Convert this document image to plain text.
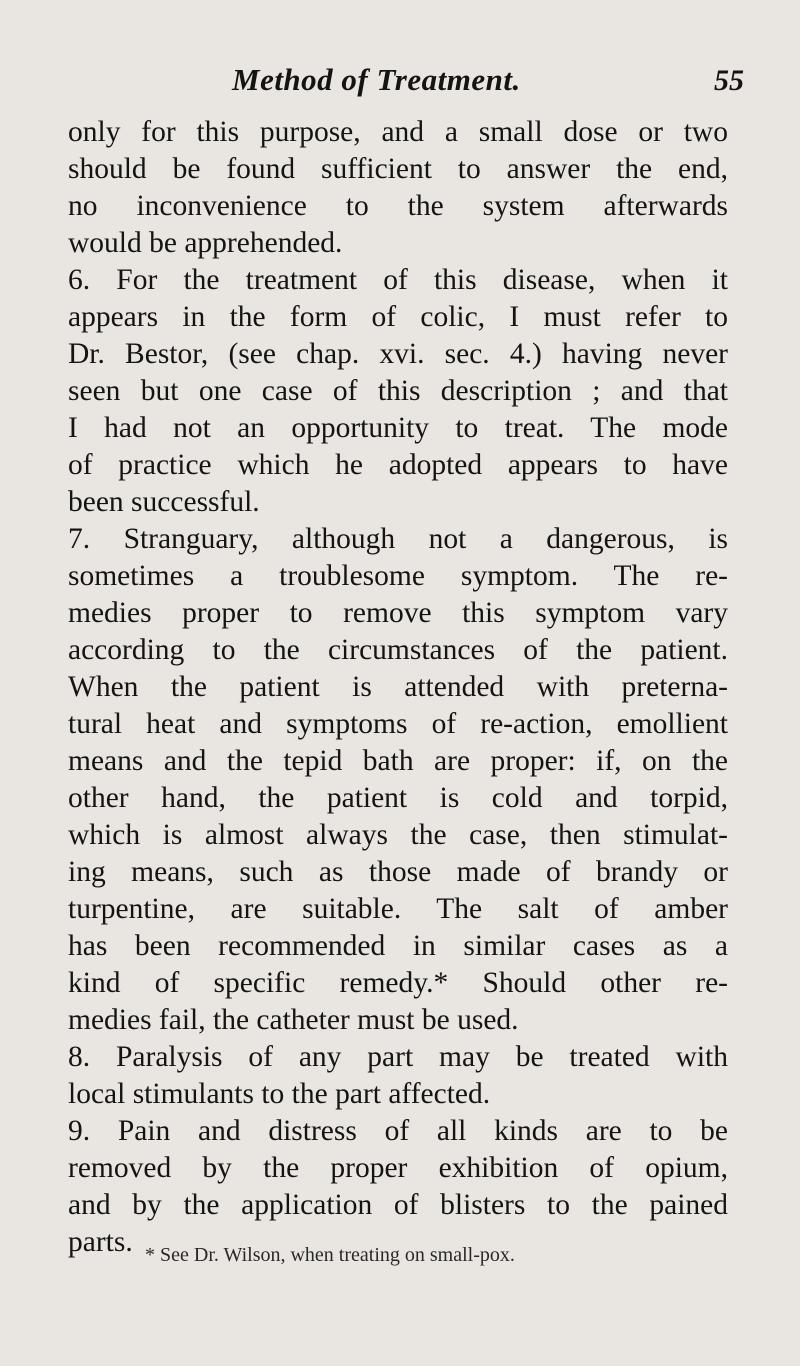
Method of Treatment.	55
only for this purpose, and a small dose or two
should be found sufficient to answer the end,
no inconvenience to the system afterwards
would be apprehended.
6. For the treatment of this disease, when it
appears in the form of colic, I must refer to
Dr. Bestor, (see chap. xvi. sec. 4.) having never
seen but one case of this description ; and that
I had not an opportunity to treat. The mode
of practice which he adopted appears to have
been successful.
7. Stranguary, although not a dangerous, is
sometimes a troublesome symptom. The re-
medies proper to remove this symptom vary
according to the circumstances of the patient.
When the patient is attended with preterna-
tural heat and symptoms of re-action, emollient
means and the tepid bath are proper: if, on the
other hand, the patient is cold and torpid,
which is almost always the case, then stimulat-
ing means, such as those made of brandy or
turpentine, are suitable. The salt of amber
has been recommended in similar cases as a
kind of specific remedy.* Should other re-
medies fail, the catheter must be used.
8. Paralysis of any part may be treated with
local stimulants to the part affected.
9. Pain and distress of all kinds are to be
removed by the proper exhibition of opium,
and by the application of blisters to the pained
parts. * See Dr. Wilson, when treating on small-pox.
